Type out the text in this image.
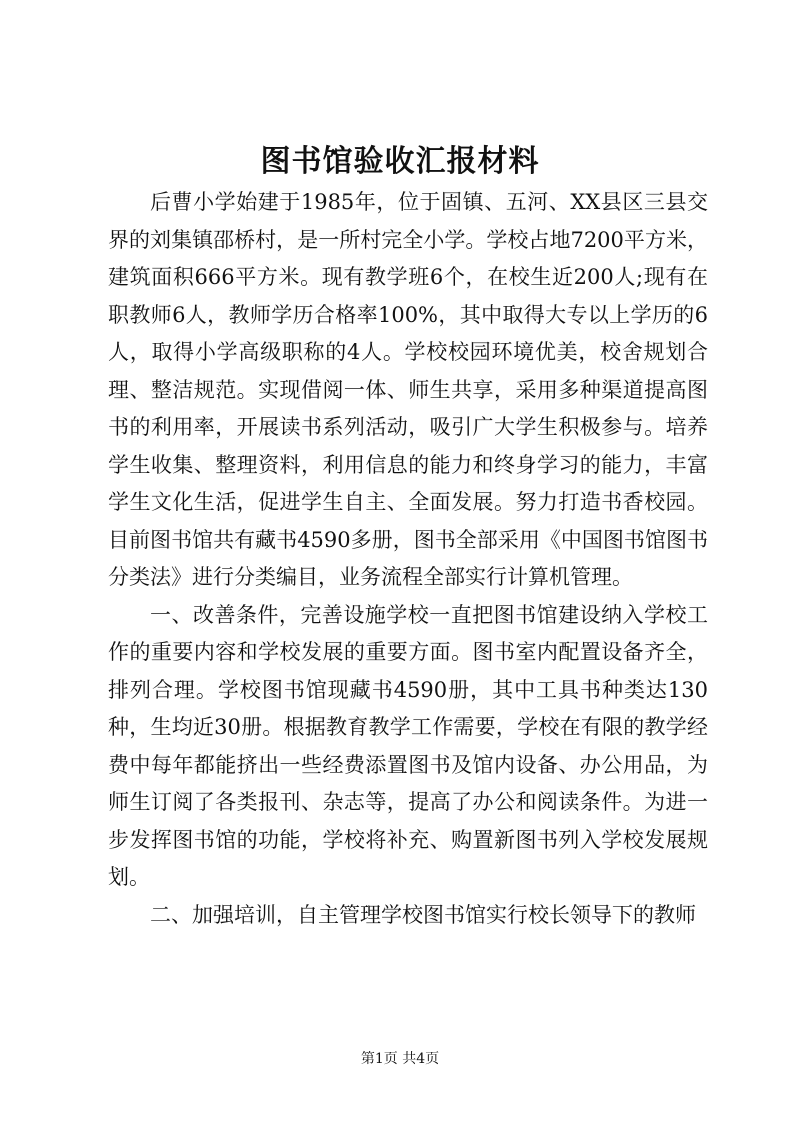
图书馆验收汇报材料

后曹小学始建于1985年，位于固镇、五河、XX县区三县交界的刘集镇邵桥村，是一所村完全小学。学校占地7200平方米，建筑面积666平方米。现有教学班6个，在校生近200人;现有在职教师6人，教师学历合格率100%，其中取得大专以上学历的6人，取得小学高级职称的4人。学校校园环境优美，校舍规划合理、整洁规范。实现借阅一体、师生共享，采用多种渠道提高图书的利用率，开展读书系列活动，吸引广大学生积极参与。培养学生收集、整理资料，利用信息的能力和终身学习的能力，丰富学生文化生活，促进学生自主、全面发展。努力打造书香校园。目前图书馆共有藏书4590多册，图书全部采用《中国图书馆图书分类法》进行分类编目，业务流程全部实行计算机管理。

一、改善条件，完善设施学校一直把图书馆建设纳入学校工作的重要内容和学校发展的重要方面。图书室内配置设备齐全，排列合理。学校图书馆现藏书4590册，其中工具书种类达130种，生均近30册。根据教育教学工作需要，学校在有限的教学经费中每年都能挤出一些经费添置图书及馆内设备、办公用品，为师生订阅了各类报刊、杂志等，提高了办公和阅读条件。为进一步发挥图书馆的功能，学校将补充、购置新图书列入学校发展规划。

二、加强培训，自主管理学校图书馆实行校长领导下的教师

第1页 共4页
